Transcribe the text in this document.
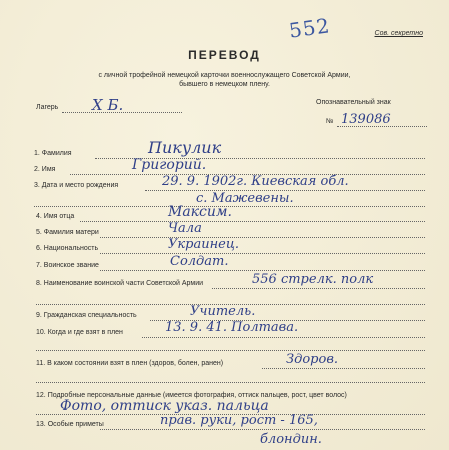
Сов. секретно
552
ПЕРЕВОД
с личной трофейной немецкой карточки военнослужащего Советской Армии,
бывшего в немецком плену.
Лагерь Х Б.	Опознавательный знак
№ 139086
1. Фамилия	Пикулик
2. Имя	Григорий.
3. Дата и место рождения	29. 9. 1902г. Киевская обл.
с. Мажевены.
4. Имя отца	Максим.
5. Фамилия матери	Чала
6. Национальность	Украинец.
7. Воинское звание	Солдат.
8. Наименование воинской части Советской Армии	556 стрелк. полк
9. Гражданская специальность	Учитель.
10. Когда и где взят в плен	13. 9. 41. Полтава.
11. В каком состоянии взят в плен (здоров, болен, ранен)	Здоров.
12. Подробные персональные данные (имеется фотография, оттиск пальцев, рост, цвет волос)
Фото, оттиск указ. пальца
13. Особые приметы	прав. руки, рост - 165,
блондин.
